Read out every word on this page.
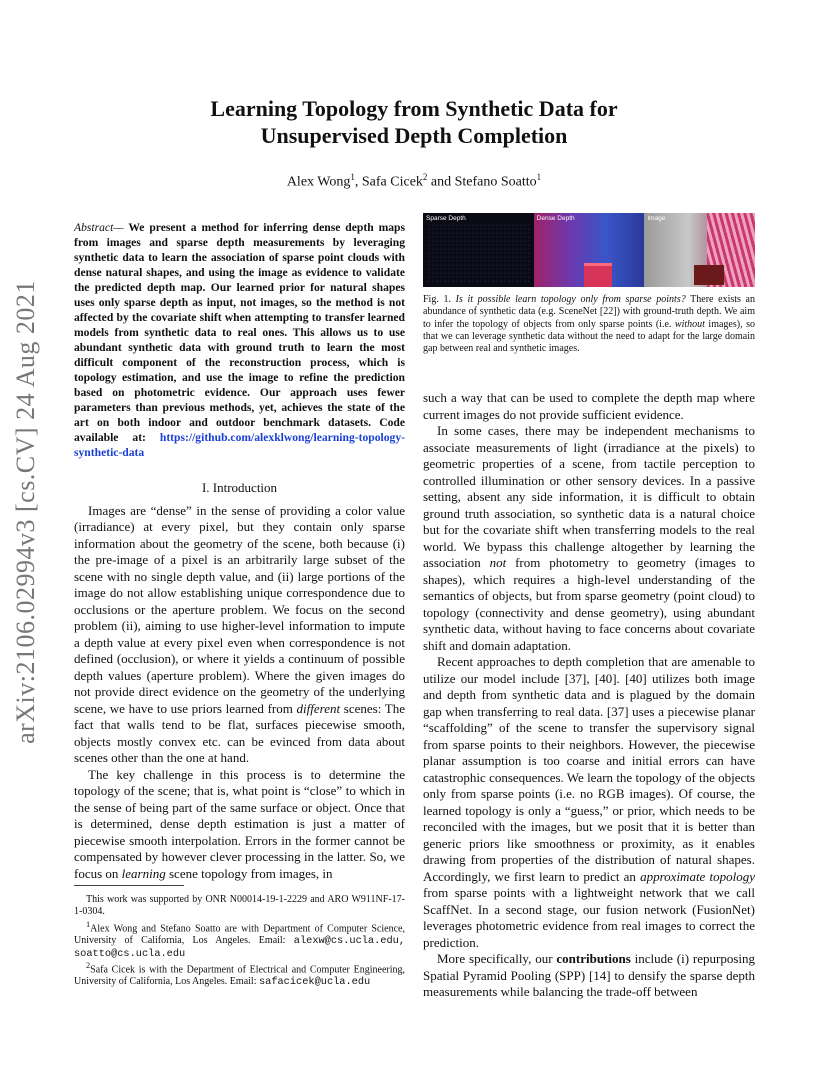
arXiv:2106.02994v3 [cs.CV] 24 Aug 2021
Learning Topology from Synthetic Data for Unsupervised Depth Completion
Alex Wong$^1$, Safa Cicek$^2$ and Stefano Soatto$^1$
Abstract— We present a method for inferring dense depth maps from images and sparse depth measurements by leveraging synthetic data to learn the association of sparse point clouds with dense natural shapes, and using the image as evidence to validate the predicted depth map. Our learned prior for natural shapes uses only sparse depth as input, not images, so the method is not affected by the covariate shift when attempting to transfer learned models from synthetic data to real ones. This allows us to use abundant synthetic data with ground truth to learn the most difficult component of the reconstruction process, which is topology estimation, and use the image to refine the prediction based on photometric evidence. Our approach uses fewer parameters than previous methods, yet, achieves the state of the art on both indoor and outdoor benchmark datasets. Code available at: https://github.com/alexklwong/learning-topology-synthetic-data
I. Introduction

Images are “dense” in the sense of providing a color value (irradiance) at every pixel, but they contain only sparse information about the geometry of the scene, both because (i) the pre-image of a pixel is an arbitrarily large subset of the scene with no single depth value, and (ii) large portions of the image do not allow establishing unique correspondence due to occlusions or the aperture problem. We focus on the second problem (ii), aiming to use higher-level information to impute a depth value at every pixel even when correspondence is not defined (occlusion), or where it yields a continuum of possible depth values (aperture problem). Where the given images do not provide direct evidence on the geometry of the underlying scene, we have to use priors learned from different scenes: The fact that walls tend to be flat, surfaces piecewise smooth, objects mostly convex etc. can be evinced from data about scenes other than the one at hand.

The key challenge in this process is to determine the topology of the scene; that is, what point is “close” to which in the sense of being part of the same surface or object. Once that is determined, dense depth estimation is just a matter of piecewise smooth interpolation. Errors in the former cannot be compensated by however clever processing in the latter. So, we focus on learning scene topology from images, in

This work was supported by ONR N00014-19-1-2229 and ARO W911NF-17-1-0304.

$^1$Alex Wong and Stefano Soatto are with Department of Computer Science, University of California, Los Angeles. Email: alexw@cs.ucla.edu, soatto@cs.ucla.edu

$^2$Safa Cicek is with the Department of Electrical and Computer Engineering, University of California, Los Angeles. Email: safacicek@ucla.edu

Sparse Depth	Dense Depth	Image
Fig. 1. Is it possible learn topology only from sparse points? There exists an abundance of synthetic data (e.g. SceneNet [22]) with ground-truth depth. We aim to infer the topology of objects from only sparse points (i.e. without images), so that we can leverage synthetic data without the need to adapt for the large domain gap between real and synthetic images.

such a way that can be used to complete the depth map where current images do not provide sufficient evidence.

In some cases, there may be independent mechanisms to associate measurements of light (irradiance at the pixels) to geometric properties of a scene, from tactile perception to controlled illumination or other sensory devices. In a passive setting, absent any side information, it is difficult to obtain ground truth association, so synthetic data is a natural choice but for the covariate shift when transferring models to the real world. We bypass this challenge altogether by learning the association not from photometry to geometry (images to shapes), which requires a high-level understanding of the semantics of objects, but from sparse geometry (point cloud) to topology (connectivity and dense geometry), using abundant synthetic data, without having to face concerns about covariate shift and domain adaptation.

Recent approaches to depth completion that are amenable to utilize our model include [37], [40]. [40] utilizes both image and depth from synthetic data and is plagued by the domain gap when transferring to real data. [37] uses a piecewise planar “scaffolding” of the scene to transfer the supervisory signal from sparse points to their neighbors. However, the piecewise planar assumption is too coarse and initial errors can have catastrophic consequences. We learn the topology of the objects only from sparse points (i.e. no RGB images). Of course, the learned topology is only a “guess,” or prior, which needs to be reconciled with the images, but we posit that it is better than generic priors like smoothness or proximity, as it enables drawing from properties of the distribution of natural shapes. Accordingly, we first learn to predict an approximate topology from sparse points with a lightweight network that we call ScaffNet. In a second stage, our fusion network (FusionNet) leverages photometric evidence from real images to correct the prediction.

More specifically, our contributions include (i) repurposing Spatial Pyramid Pooling (SPP) [14] to densify the sparse depth measurements while balancing the trade-off between
